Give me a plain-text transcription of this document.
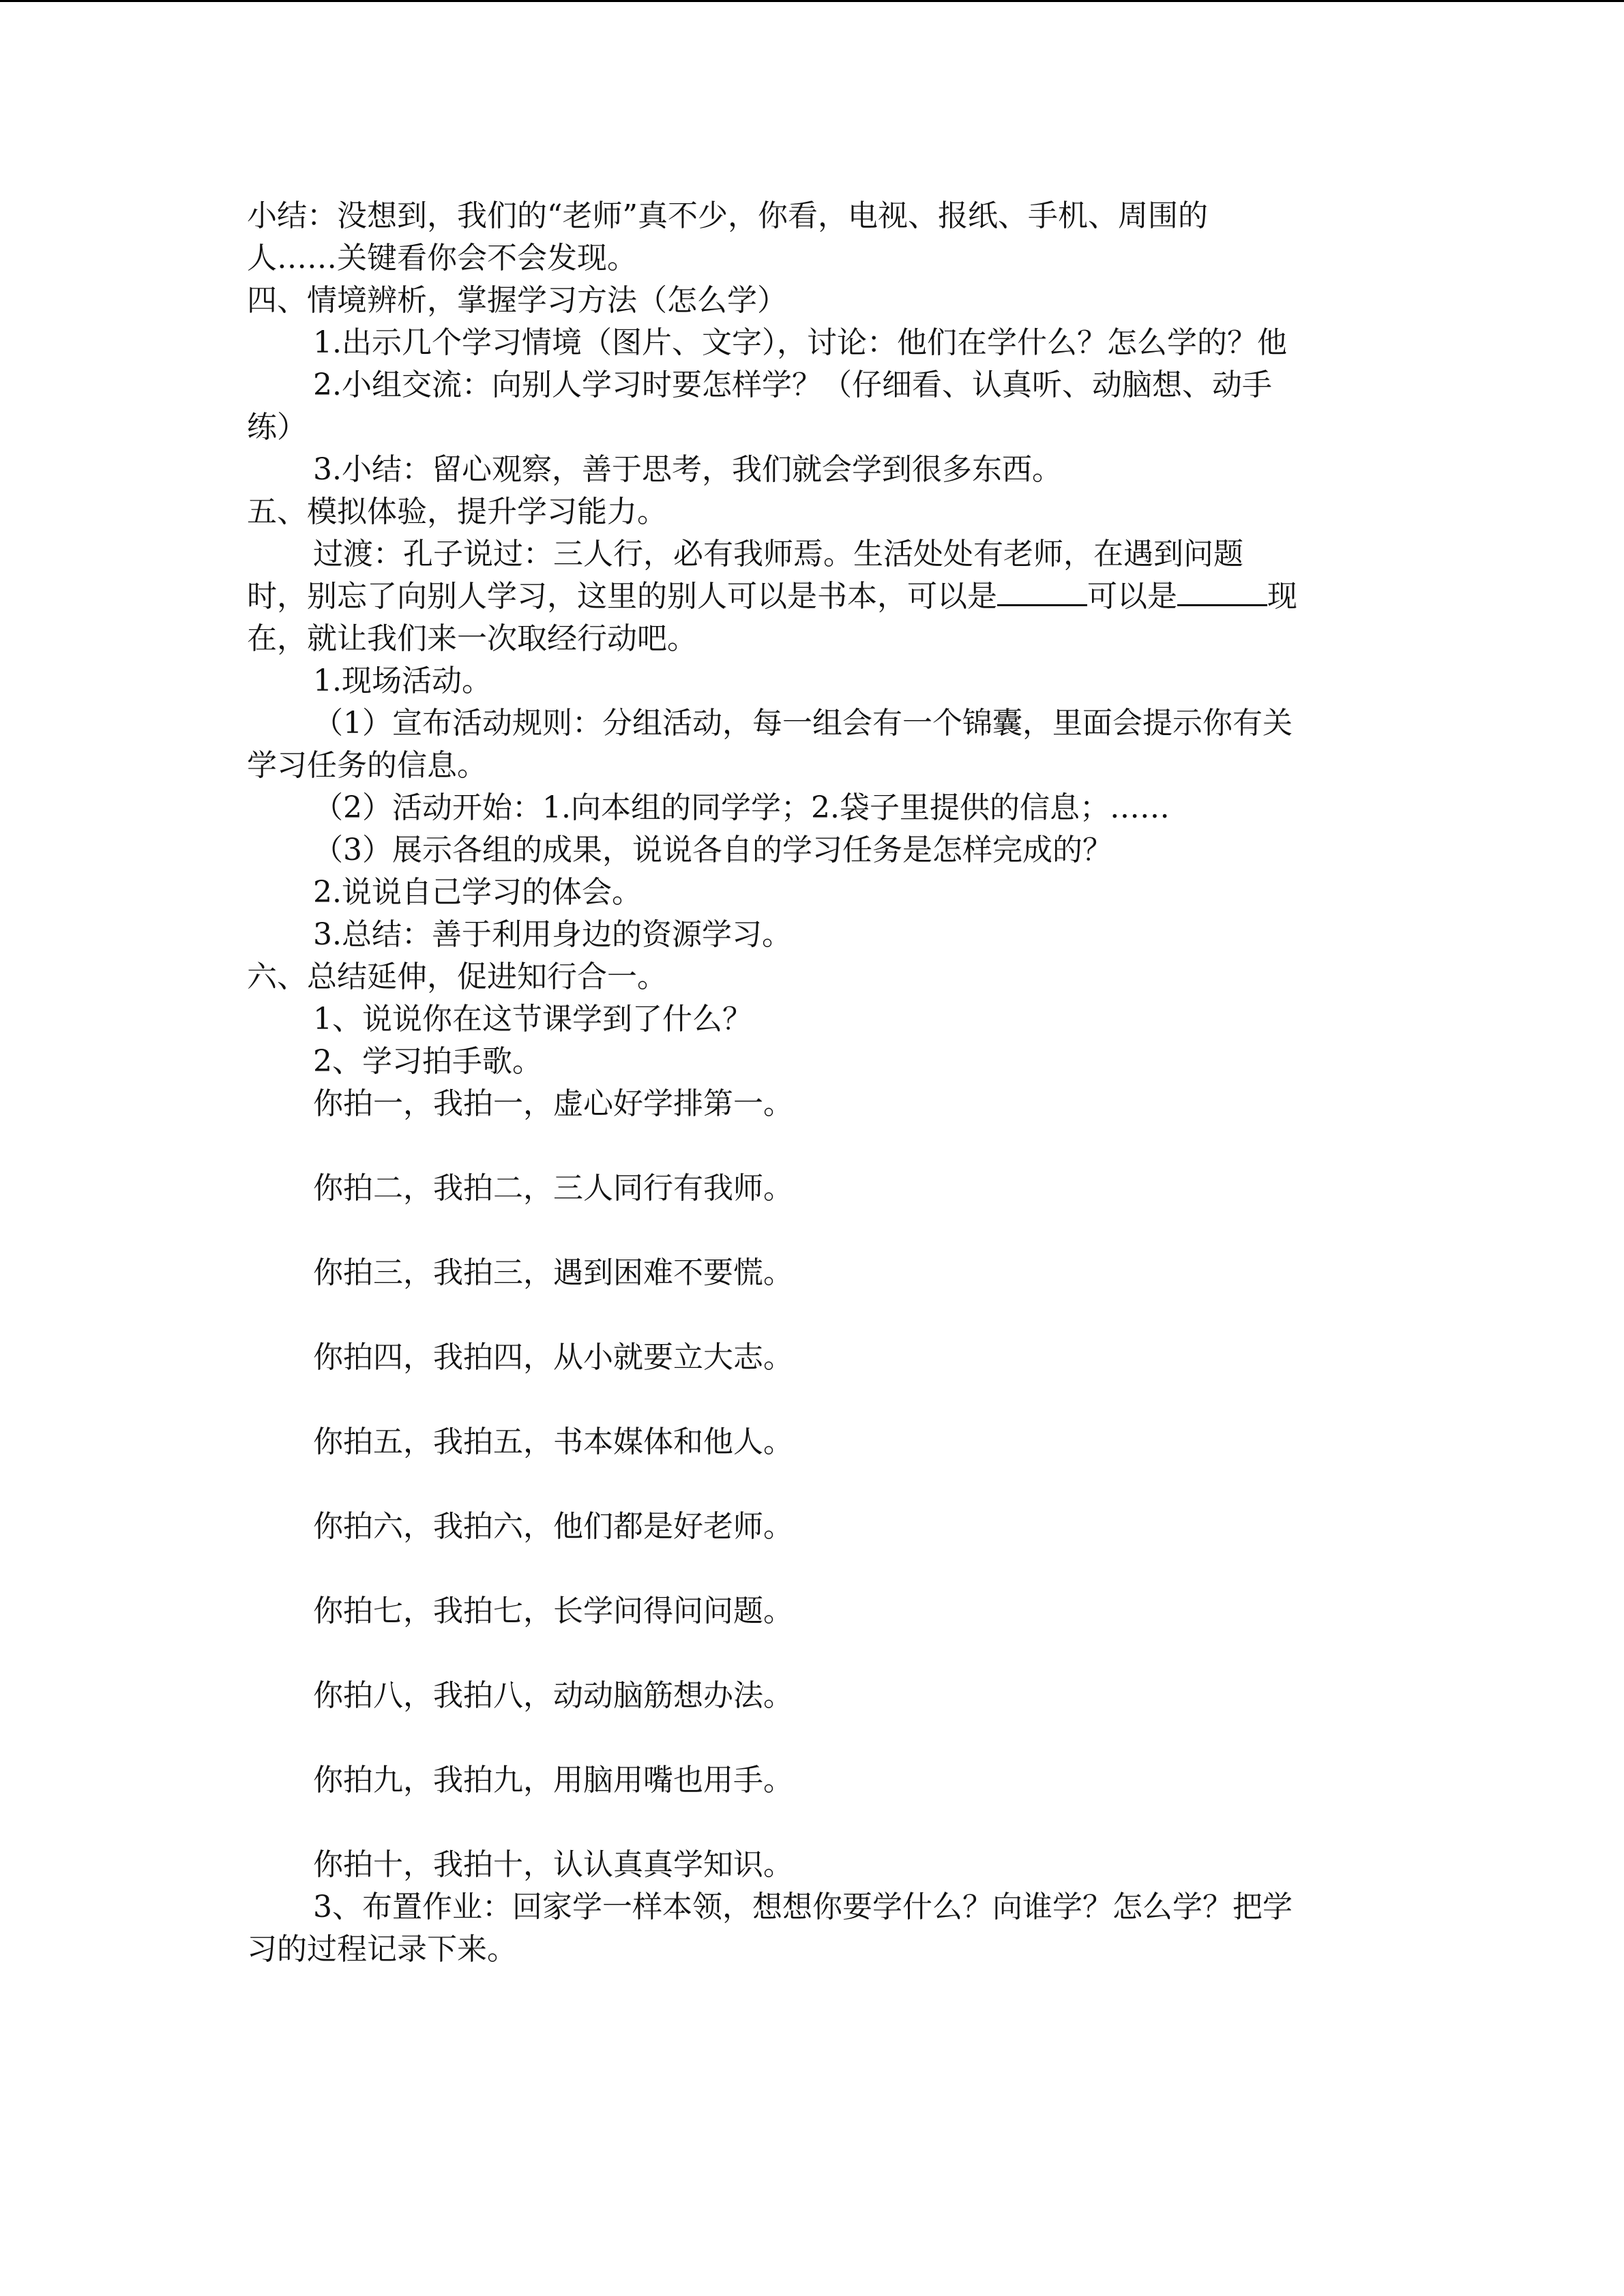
小结：没想到，我们的“老师”真不少，你看，电视、报纸、手机、周围的
人……关键看你会不会发现。
四、情境辨析，掌握学习方法（怎么学）
1.出示几个学习情境（图片、文字），讨论：他们在学什么？怎么学的？他
2.小组交流：向别人学习时要怎样学？（仔细看、认真听、动脑想、动手
练）
3.小结：留心观察，善于思考，我们就会学到很多东西。
五、模拟体验，提升学习能力。
过渡：孔子说过：三人行，必有我师焉。生活处处有老师，在遇到问题
时，别忘了向别人学习，这里的别人可以是书本，可以是	可以是	现
在，就让我们来一次取经行动吧。
1.现场活动。
（1）宣布活动规则：分组活动，每一组会有一个锦囊，里面会提示你有关
学习任务的信息。
（2）活动开始：1.向本组的同学学；2.袋子里提供的信息；……
（3）展示各组的成果，说说各自的学习任务是怎样完成的？
2.说说自己学习的体会。
3.总结：善于利用身边的资源学习。
六、总结延伸，促进知行合一。
1、说说你在这节课学到了什么？
2、学习拍手歌。
你拍一，我拍一，虚心好学排第一。
你拍二，我拍二，三人同行有我师。
你拍三，我拍三，遇到困难不要慌。
你拍四，我拍四，从小就要立大志。
你拍五，我拍五，书本媒体和他人。
你拍六，我拍六，他们都是好老师。
你拍七，我拍七，长学问得问问题。
你拍八，我拍八，动动脑筋想办法。
你拍九，我拍九，用脑用嘴也用手。
你拍十，我拍十，认认真真学知识。
3、布置作业：回家学一样本领，想想你要学什么？向谁学？怎么学？把学
习的过程记录下来。
